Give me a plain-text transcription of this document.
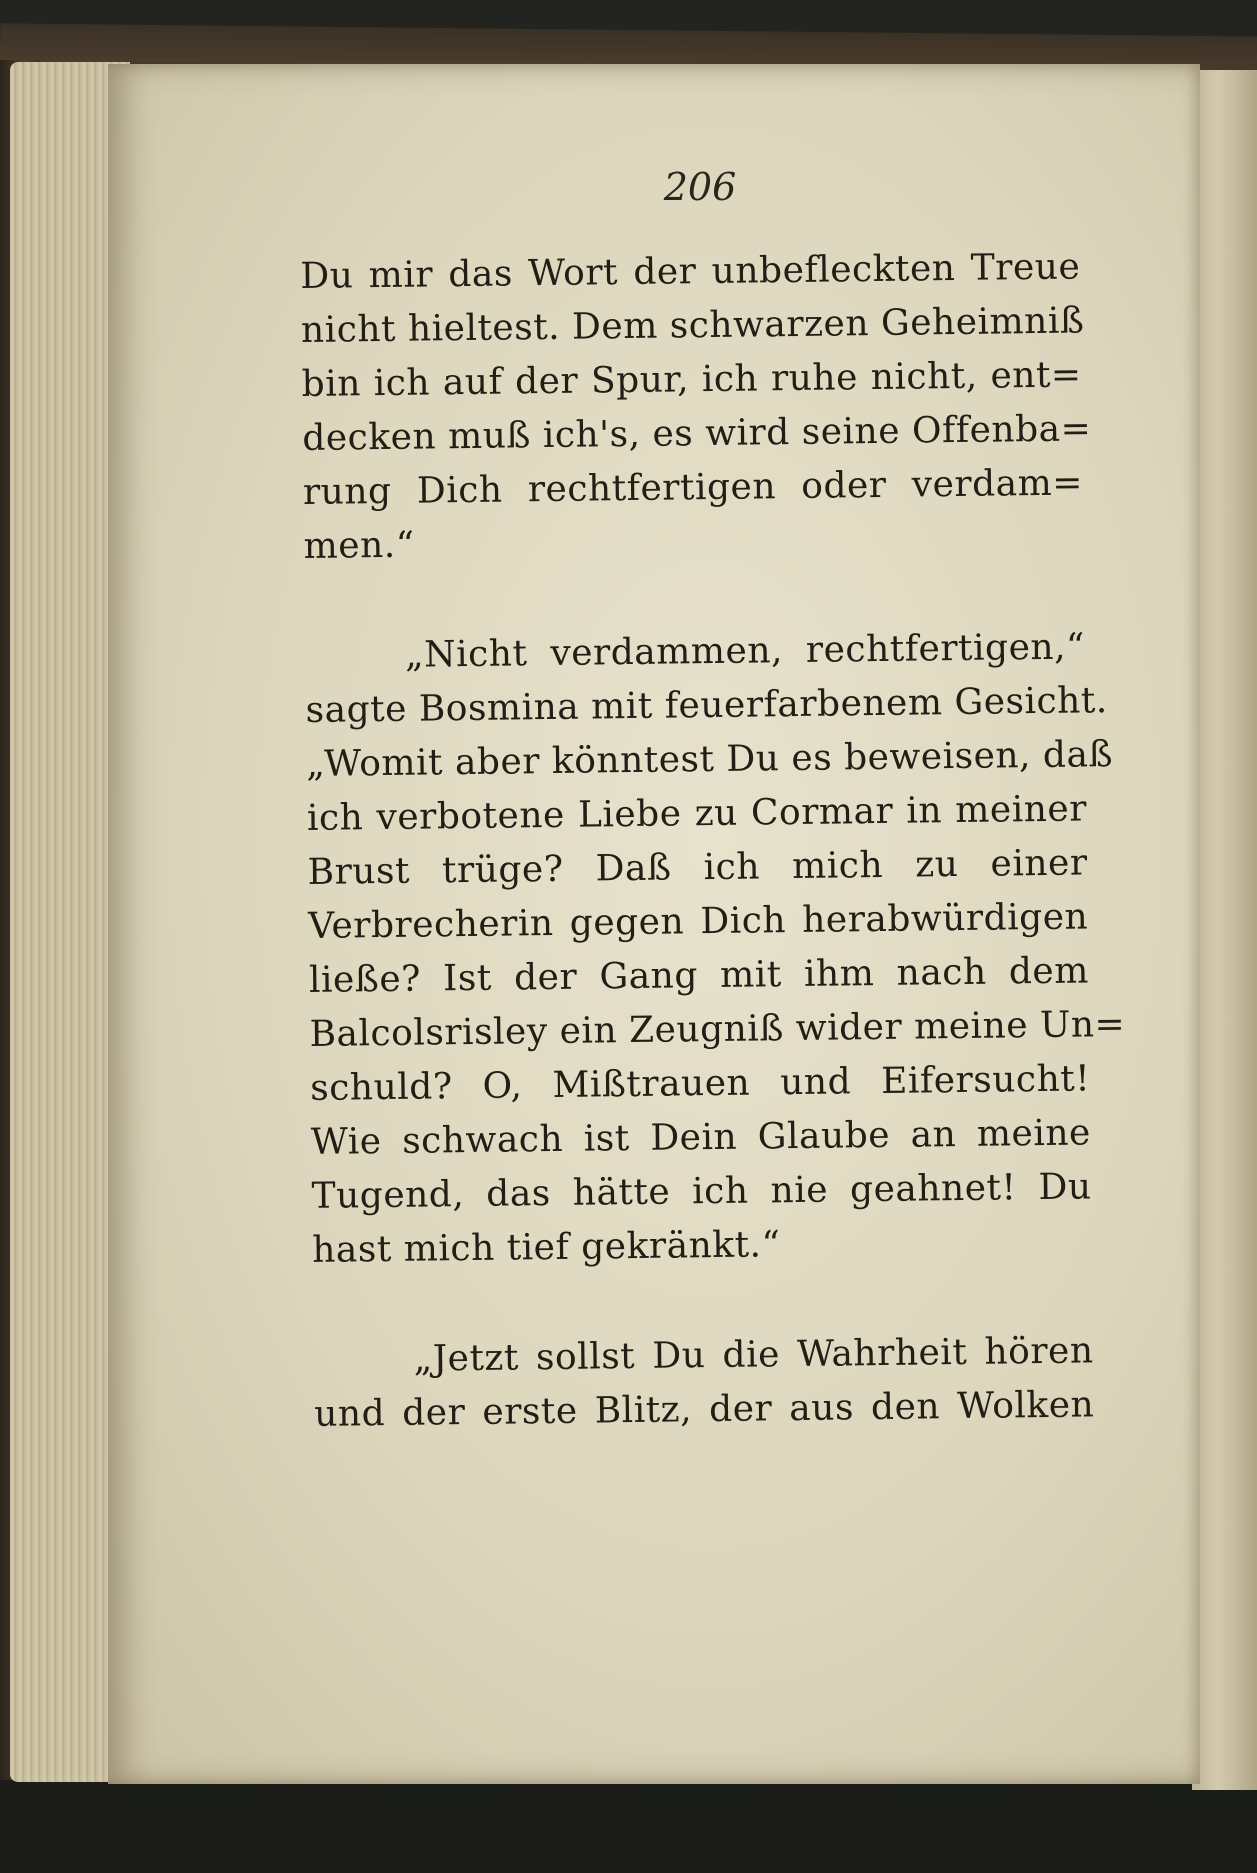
206
Du mir das Wort der unbefleckten Treue
nicht hieltest. Dem schwarzen Geheimniß
bin ich auf der Spur, ich ruhe nicht, ent=
decken muß ich's, es wird seine Offenba=
rung Dich rechtfertigen oder verdam=
men.“
„Nicht verdammen, rechtfertigen,“
sagte Bosmina mit feuerfarbenem Gesicht.
„Womit aber könntest Du es beweisen, daß
ich verbotene Liebe zu Cormar in meiner
Brust trüge? Daß ich mich zu einer
Verbrecherin gegen Dich herabwürdigen
ließe? Ist der Gang mit ihm nach dem
Balcolsrisley ein Zeugniß wider meine Un=
schuld? O, Mißtrauen und Eifersucht!
Wie schwach ist Dein Glaube an meine
Tugend, das hätte ich nie geahnet! Du
hast mich tief gekränkt.“
„Jetzt sollst Du die Wahrheit hören
und der erste Blitz, der aus den Wolken
